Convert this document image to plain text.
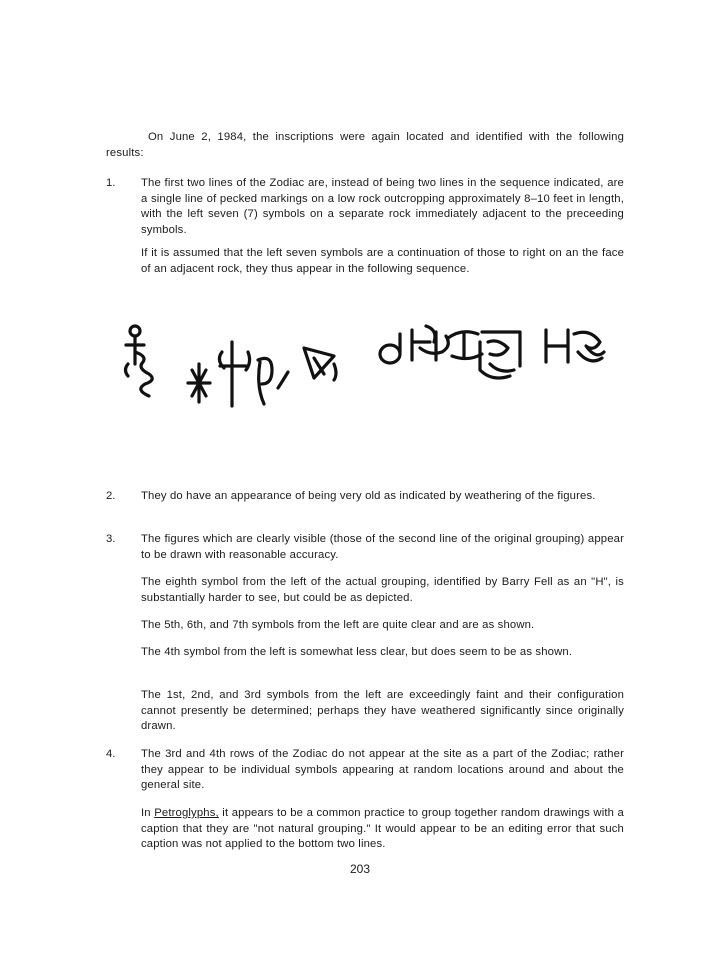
On June 2, 1984, the inscriptions were again located and identified with the following results:

1. The first two lines of the Zodiac are, instead of being two lines in the sequence indicated, are a single line of pecked markings on a low rock outcropping approximately 8–10 feet in length, with the left seven (7) symbols on a separate rock immediately adjacent to the preceeding symbols.

If it is assumed that the left seven symbols are a continuation of those to right on an the face of an adjacent rock, they thus appear in the following sequence.

2. They do have an appearance of being very old as indicated by weathering of the figures.

3. The figures which are clearly visible (those of the second line of the original grouping) appear to be drawn with reasonable accuracy.

The eighth symbol from the left of the actual grouping, identified by Barry Fell as an "H", is substantially harder to see, but could be as depicted.

The 5th, 6th, and 7th symbols from the left are quite clear and are as shown.

The 4th symbol from the left is somewhat less clear, but does seem to be as shown.

The 1st, 2nd, and 3rd symbols from the left are exceedingly faint and their configuration cannot presently be determined; perhaps they have weathered significantly since originally drawn.

4. The 3rd and 4th rows of the Zodiac do not appear at the site as a part of the Zodiac; rather they appear to be individual symbols appearing at random locations around and about the general site.

In Petroglyphs, it appears to be a common practice to group together random drawings with a caption that they are "not natural grouping." It would appear to be an editing error that such caption was not applied to the bottom two lines.

203
